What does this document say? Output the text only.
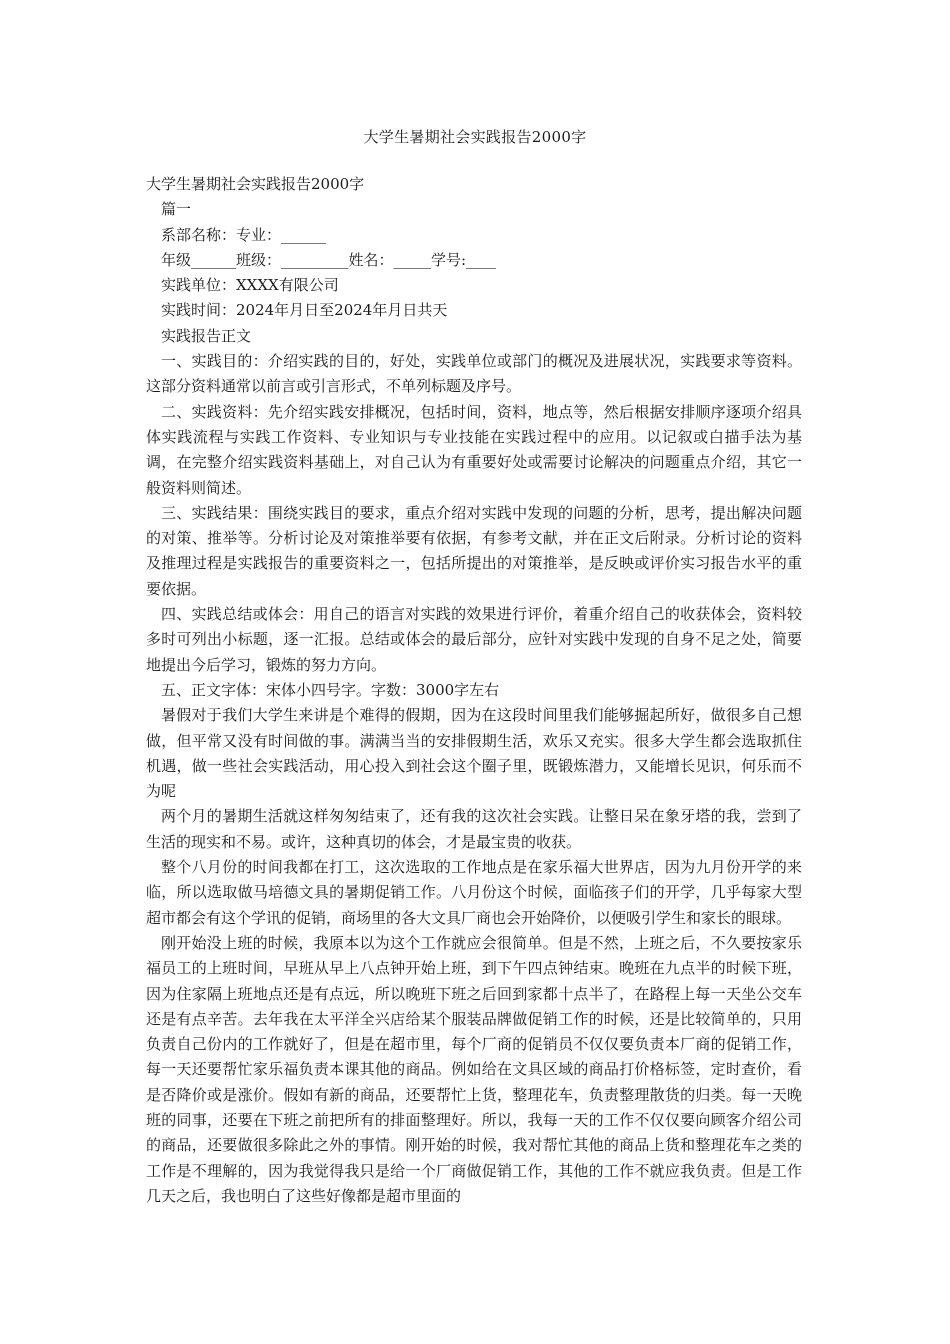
大学生暑期社会实践报告2000字

大学生暑期社会实践报告2000字

篇一

系部名称：专业：______

年级______班级：_________姓名：_____学号:____

实践单位：XXXX有限公司

实践时间：2024年月日至2024年月日共天

实践报告正文

一、实践目的：介绍实践的目的，好处，实践单位或部门的概况及进展状况，实践要求等资料。这部分资料通常以前言或引言形式，不单列标题及序号。

二、实践资料：先介绍实践安排概况，包括时间，资料，地点等，然后根据安排顺序逐项介绍具体实践流程与实践工作资料、专业知识与专业技能在实践过程中的应用。以记叙或白描手法为基调，在完整介绍实践资料基础上，对自己认为有重要好处或需要讨论解决的问题重点介绍，其它一般资料则简述。

三、实践结果：围绕实践目的要求，重点介绍对实践中发现的问题的分析，思考，提出解决问题的对策、推举等。分析讨论及对策推举要有依据，有参考文献，并在正文后附录。分析讨论的资料及推理过程是实践报告的重要资料之一，包括所提出的对策推举，是反映或评价实习报告水平的重要依据。

四、实践总结或体会：用自己的语言对实践的效果进行评价，着重介绍自己的收获体会，资料较多时可列出小标题，逐一汇报。总结或体会的最后部分，应针对实践中发现的自身不足之处，简要地提出今后学习，锻炼的努力方向。

五、正文字体：宋体小四号字。字数：3000字左右

暑假对于我们大学生来讲是个难得的假期，因为在这段时间里我们能够掘起所好，做很多自己想做，但平常又没有时间做的事。满满当当的安排假期生活，欢乐又充实。很多大学生都会选取抓住机遇，做一些社会实践活动，用心投入到社会这个圈子里，既锻炼潜力，又能增长见识，何乐而不为呢

两个月的暑期生活就这样匆匆结束了，还有我的这次社会实践。让整日呆在象牙塔的我，尝到了生活的现实和不易。或许，这种真切的体会，才是最宝贵的收获。

整个八月份的时间我都在打工，这次选取的工作地点是在家乐福大世界店，因为九月份开学的来临，所以选取做马培德文具的暑期促销工作。八月份这个时候，面临孩子们的开学，几乎每家大型超市都会有这个学讯的促销，商场里的各大文具厂商也会开始降价，以便吸引学生和家长的眼球。

刚开始没上班的时候，我原本以为这个工作就应会很简单。但是不然，上班之后，不久要按家乐福员工的上班时间，早班从早上八点钟开始上班，到下午四点钟结束。晚班在九点半的时候下班，因为住家隔上班地点还是有点远，所以晚班下班之后回到家都十点半了，在路程上每一天坐公交车还是有点辛苦。去年我在太平洋全兴店给某个服装品牌做促销工作的时候，还是比较简单的，只用负责自己份内的工作就好了，但是在超市里，每个厂商的促销员不仅仅要负责本厂商的促销工作，每一天还要帮忙家乐福负责本课其他的商品。例如给在文具区域的商品打价格标签，定时查价，看是否降价或是涨价。假如有新的商品，还要帮忙上货，整理花车，负责整理散货的归类。每一天晚班的同事，还要在下班之前把所有的排面整理好。所以，我每一天的工作不仅仅要向顾客介绍公司的商品，还要做很多除此之外的事情。刚开始的时候，我对帮忙其他的商品上货和整理花车之类的工作是不理解的，因为我觉得我只是给一个厂商做促销工作，其他的工作不就应我负责。但是工作几天之后，我也明白了这些好像都是超市里面的
